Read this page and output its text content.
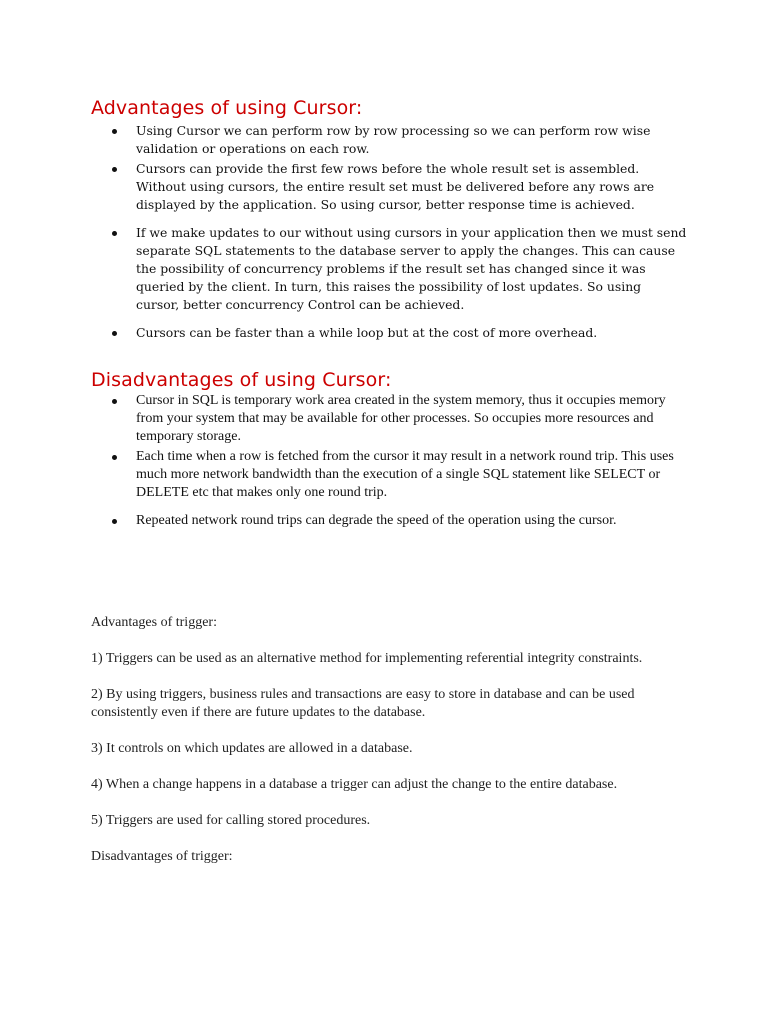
Advantages of using Cursor:
Using Cursor we can perform row by row processing so we can perform row wise validation or operations on each row.
Cursors can provide the first few rows before the whole result set is assembled. Without using cursors, the entire result set must be delivered before any rows are displayed by the application. So using cursor, better response time is achieved.
If we make updates to our without using cursors in your application then we must send separate SQL statements to the database server to apply the changes. This can cause the possibility of concurrency problems if the result set has changed since it was queried by the client. In turn, this raises the possibility of lost updates. So using cursor, better concurrency Control can be achieved.
Cursors can be faster than a while loop but at the cost of more overhead.
Disadvantages of using Cursor:
Cursor in SQL is temporary work area created in the system memory, thus it occupies memory from your system that may be available for other processes. So occupies more resources and temporary storage.
Each time when a row is fetched from the cursor it may result in a network round trip. This uses much more network bandwidth than the execution of a single SQL statement like SELECT or DELETE etc that makes only one round trip.
Repeated network round trips can degrade the speed of the operation using the cursor.

Advantages of trigger:

1) Triggers can be used as an alternative method for implementing referential integrity constraints.

2) By using triggers, business rules and transactions are easy to store in database and can be used consistently even if there are future updates to the database.

3) It controls on which updates are allowed in a database.

4) When a change happens in a database a trigger can adjust the change to the entire database.

5) Triggers are used for calling stored procedures.

Disadvantages of trigger:
